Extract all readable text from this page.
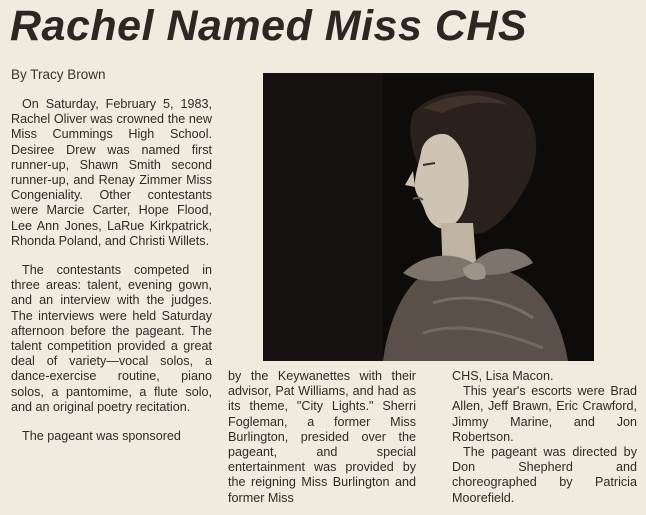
Rachel Named Miss CHS
By Tracy Brown

On Saturday, February 5, 1983, Rachel Oliver was crowned the new Miss Cummings High School. Desiree Drew was named first runner-up, Shawn Smith second runner-up, and Renay Zimmer Miss Congeniality. Other contestants were Marcie Carter, Hope Flood, Lee Ann Jones, LaRue Kirkpatrick, Rhonda Poland, and Christi Willets.

The contestants competed in three areas: talent, evening gown, and an interview with the judges. The interviews were held Saturday afternoon before the pageant. The talent competition provided a great deal of variety—vocal solos, a dance-exercise routine, piano solos, a pantomime, a flute solo, and an original poetry recitation.

The pageant was sponsored

by the Keywanettes with their advisor, Pat Williams, and had as its theme, "City Lights." Sherri Fogleman, a former Miss Burlington, presided over the pageant, and special entertainment was provided by the reigning Miss Burlington and former Miss

CHS, Lisa Macon.

This year's escorts were Brad Allen, Jeff Brawn, Eric Crawford, Jimmy Marine, and Jon Robertson.

The pageant was directed by Don Shepherd and choreographed by Patricia Moorefield.
